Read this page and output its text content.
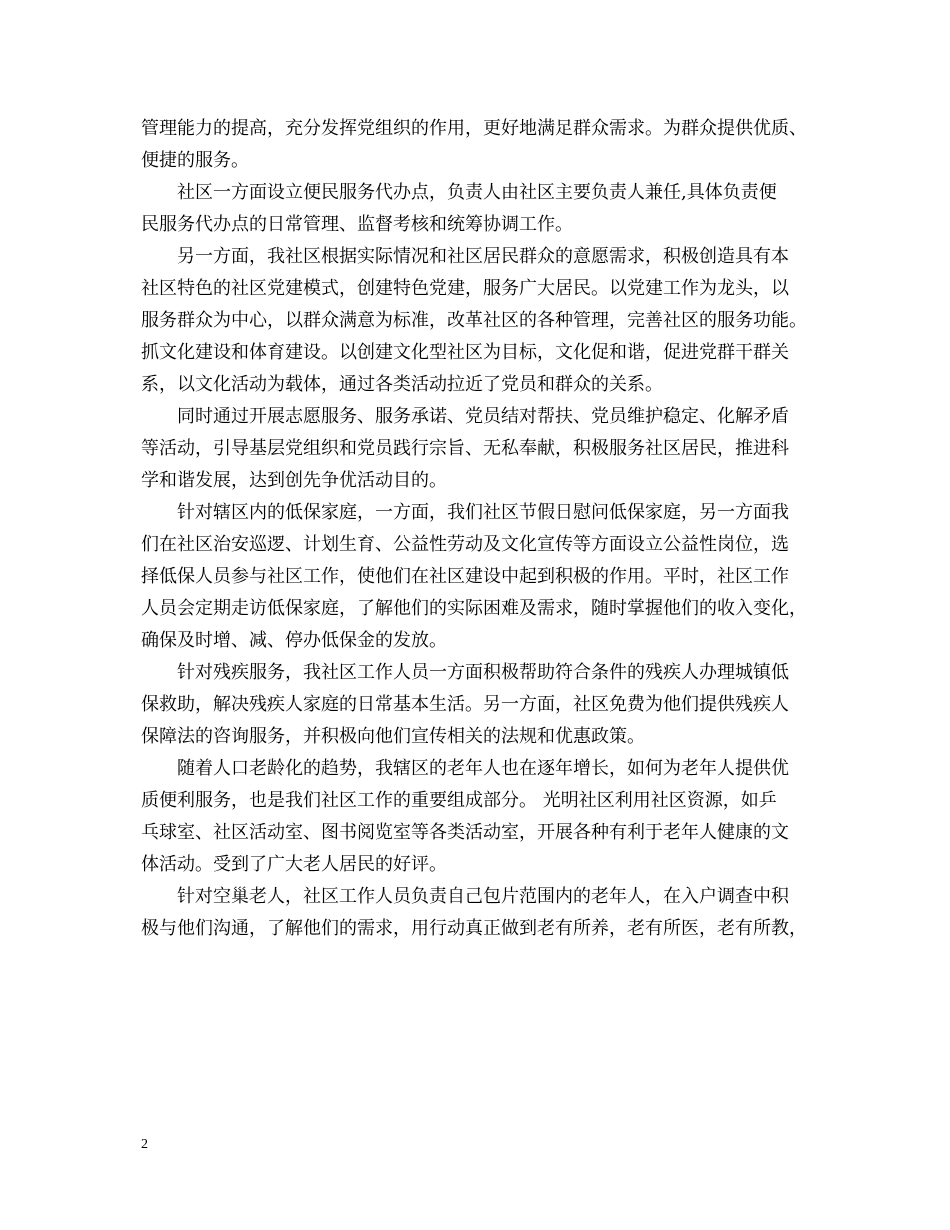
管理能力的提高，充分发挥党组织的作用，更好地满足群众需求。为群众提供优质、
便捷的服务。
社区一方面设立便民服务代办点，负责人由社区主要负责人兼任,具体负责便
民服务代办点的日常管理、监督考核和统筹协调工作。
另一方面，我社区根据实际情况和社区居民群众的意愿需求，积极创造具有本
社区特色的社区党建模式，创建特色党建，服务广大居民。以党建工作为龙头，以
服务群众为中心，以群众满意为标准，改革社区的各种管理，完善社区的服务功能。
抓文化建设和体育建设。以创建文化型社区为目标，文化促和谐，促进党群干群关
系，以文化活动为载体，通过各类活动拉近了党员和群众的关系。
同时通过开展志愿服务、服务承诺、党员结对帮扶、党员维护稳定、化解矛盾
等活动，引导基层党组织和党员践行宗旨、无私奉献，积极服务社区居民，推进科
学和谐发展，达到创先争优活动目的。
针对辖区内的低保家庭，一方面，我们社区节假日慰问低保家庭，另一方面我
们在社区治安巡逻、计划生育、公益性劳动及文化宣传等方面设立公益性岗位，选
择低保人员参与社区工作，使他们在社区建设中起到积极的作用。平时，社区工作
人员会定期走访低保家庭，了解他们的实际困难及需求，随时掌握他们的收入变化，
确保及时增、减、停办低保金的发放。
针对残疾服务，我社区工作人员一方面积极帮助符合条件的残疾人办理城镇低
保救助，解决残疾人家庭的日常基本生活。另一方面，社区免费为他们提供残疾人
保障法的咨询服务，并积极向他们宣传相关的法规和优惠政策。
随着人口老龄化的趋势，我辖区的老年人也在逐年增长，如何为老年人提供优
质便利服务，也是我们社区工作的重要组成部分。 光明社区利用社区资源，如乒
乓球室、社区活动室、图书阅览室等各类活动室，开展各种有利于老年人健康的文
体活动。受到了广大老人居民的好评。
针对空巢老人，社区工作人员负责自己包片范围内的老年人，在入户调查中积
极与他们沟通，了解他们的需求，用行动真正做到老有所养，老有所医，老有所教，
2
